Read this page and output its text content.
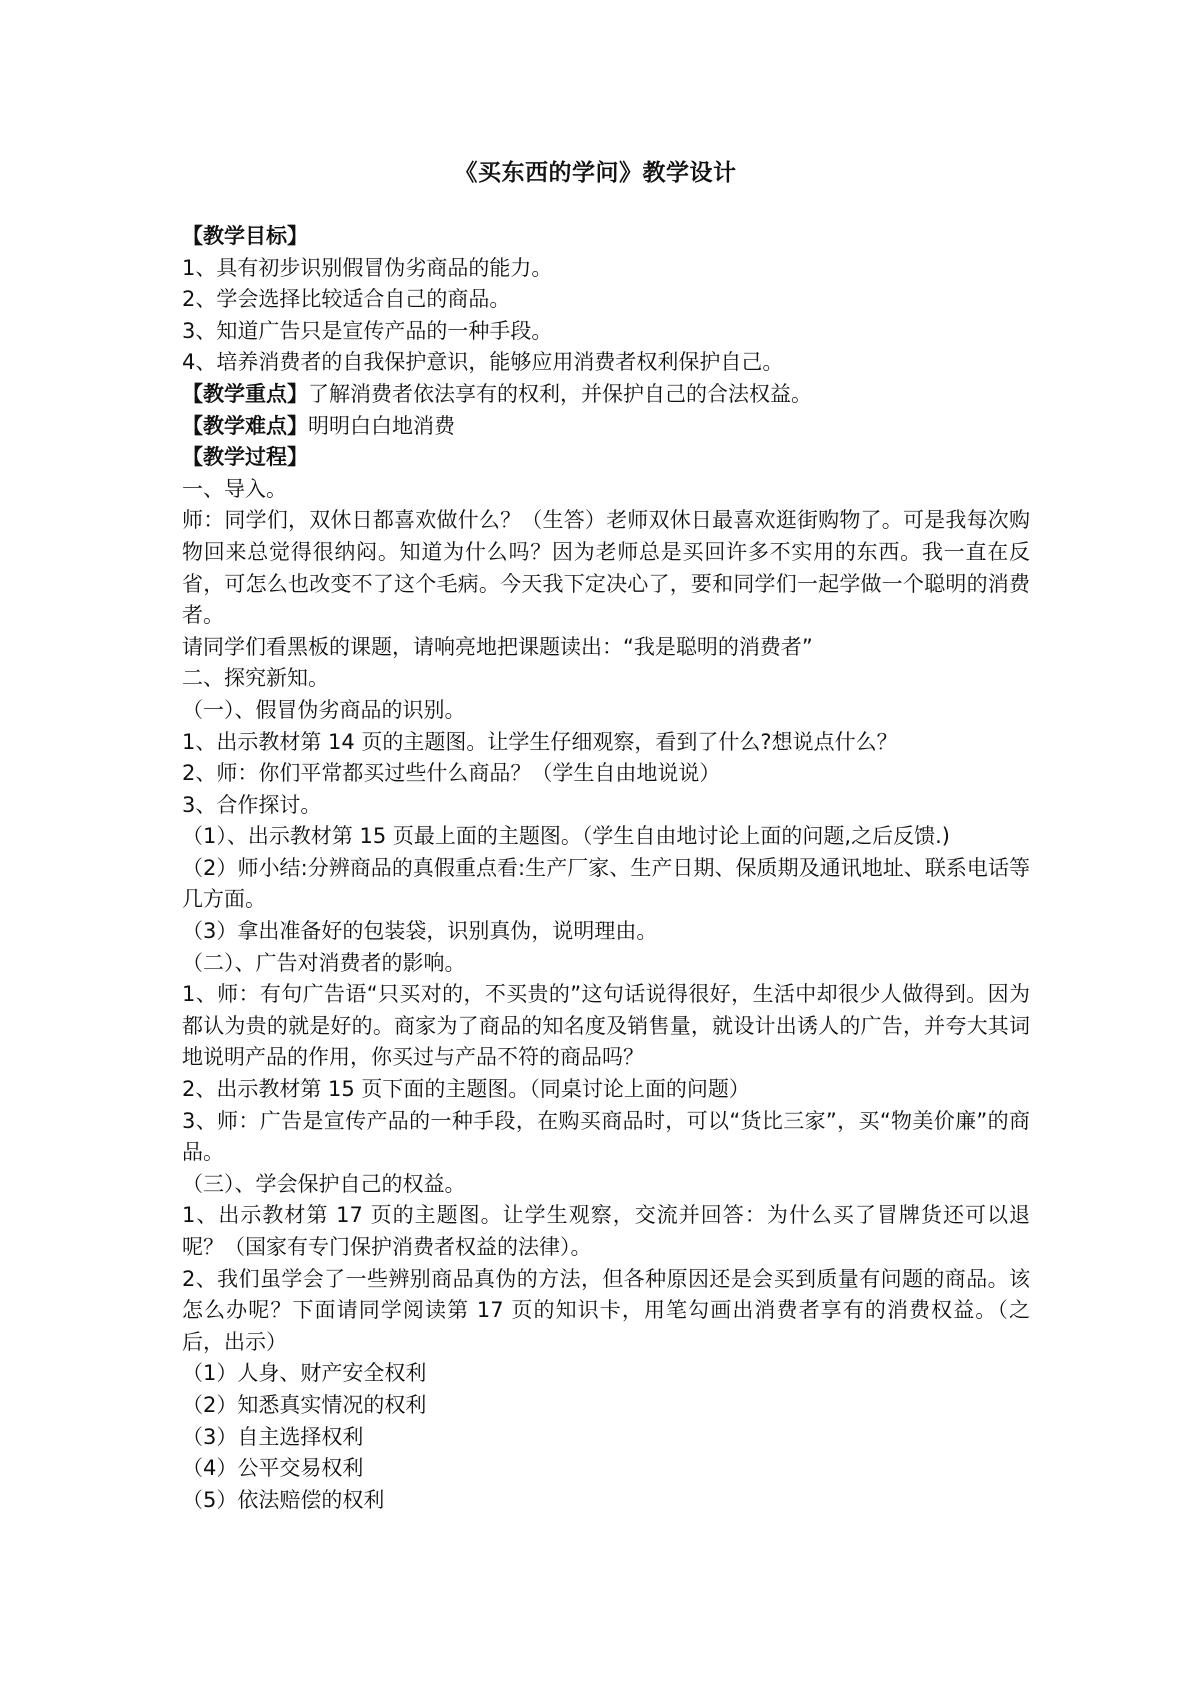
《买东西的学问》教学设计

【教学目标】

1、具有初步识别假冒伪劣商品的能力。

2、学会选择比较适合自己的商品。

3、知道广告只是宣传产品的一种手段。

4、培养消费者的自我保护意识，能够应用消费者权利保护自己。

【教学重点】了解消费者依法享有的权利，并保护自己的合法权益。

【教学难点】明明白白地消费

【教学过程】

一、导入。

师：同学们，双休日都喜欢做什么？（生答）老师双休日最喜欢逛街购物了。可是我每次购物回来总觉得很纳闷。知道为什么吗？因为老师总是买回许多不实用的东西。我一直在反省，可怎么也改变不了这个毛病。今天我下定决心了，要和同学们一起学做一个聪明的消费者。

请同学们看黑板的课题，请响亮地把课题读出：“我是聪明的消费者”

二、探究新知。

（一）、假冒伪劣商品的识别。

1、出示教材第 14 页的主题图。让学生仔细观察，看到了什么?想说点什么？

2、师：你们平常都买过些什么商品？（学生自由地说说）

3、合作探讨。

（1）、出示教材第 15 页最上面的主题图。（学生自由地讨论上面的问题,之后反馈.)

（2）师小结:分辨商品的真假重点看:生产厂家、生产日期、保质期及通讯地址、联系电话等几方面。

（3）拿出准备好的包装袋，识别真伪，说明理由。

（二）、广告对消费者的影响。

1、师：有句广告语“只买对的，不买贵的”这句话说得很好，生活中却很少人做得到。因为都认为贵的就是好的。商家为了商品的知名度及销售量，就设计出诱人的广告，并夸大其词地说明产品的作用，你买过与产品不符的商品吗？

2、出示教材第 15 页下面的主题图。（同桌讨论上面的问题）

3、师：广告是宣传产品的一种手段，在购买商品时，可以“货比三家”，买“物美价廉”的商品。

（三）、学会保护自己的权益。

1、出示教材第 17 页的主题图。让学生观察，交流并回答：为什么买了冒牌货还可以退呢？（国家有专门保护消费者权益的法律）。

2、我们虽学会了一些辨别商品真伪的方法，但各种原因还是会买到质量有问题的商品。该怎么办呢？下面请同学阅读第 17 页的知识卡，用笔勾画出消费者享有的消费权益。（之后，出示）

（1）人身、财产安全权利

（2）知悉真实情况的权利

（3）自主选择权利

（4）公平交易权利

（5）依法赔偿的权利
